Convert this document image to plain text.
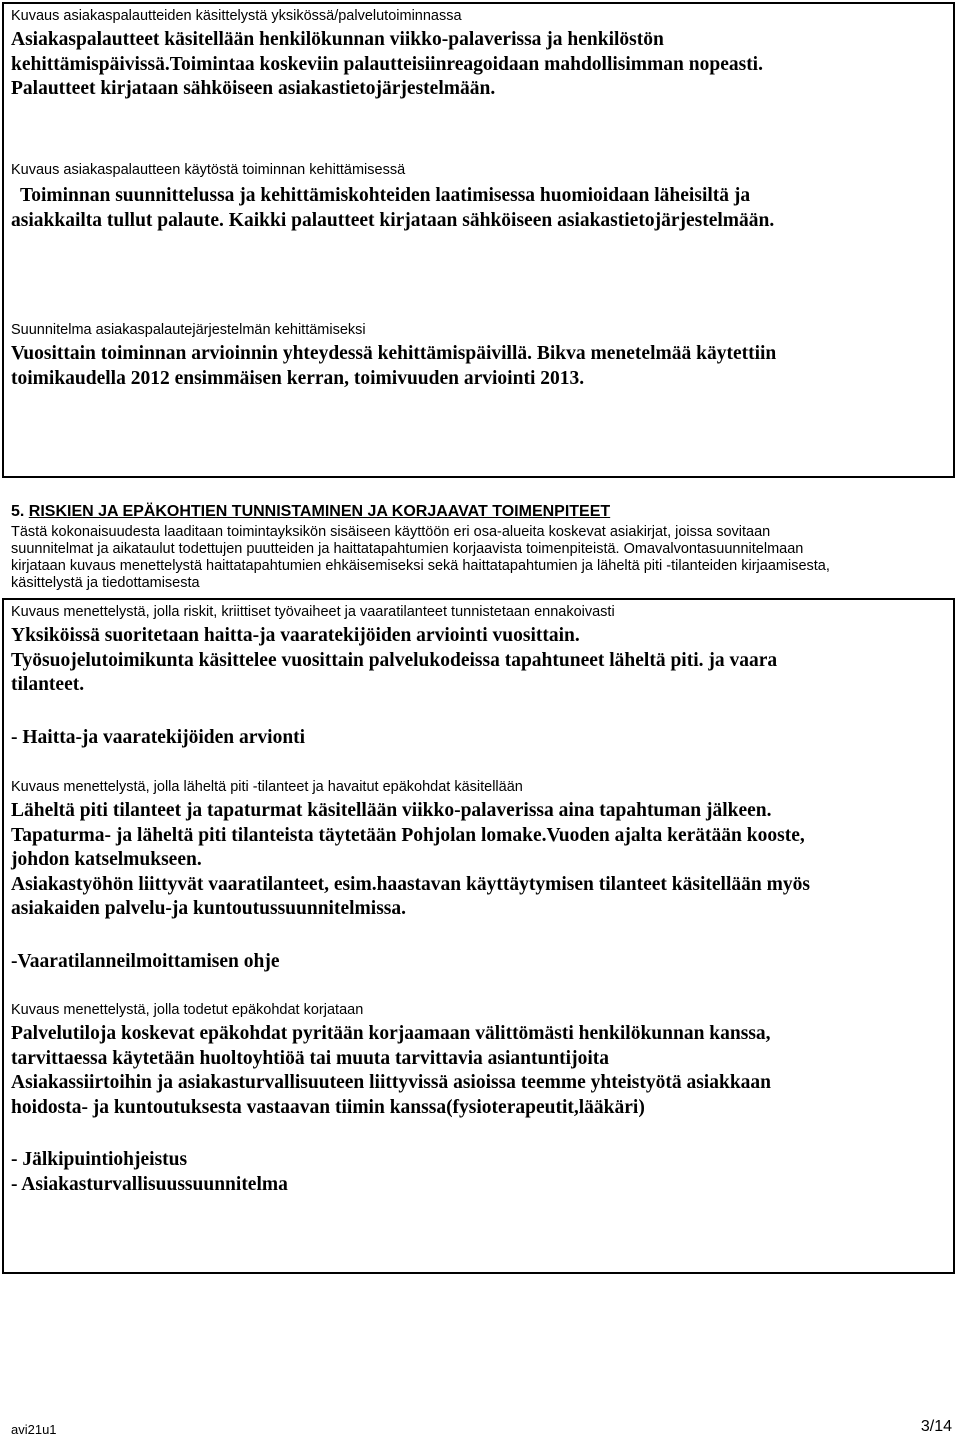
Kuvaus asiakaspalautteiden käsittelystä yksikössä/palvelutoiminnassa

Asiakaspalautteet käsitellään henkilökunnan viikko-palaverissa ja henkilöstön

kehittämispäivissä.Toimintaa koskeviin palautteisiinreagoidaan mahdollisimman nopeasti.

Palautteet kirjataan sähköiseen asiakastietojärjestelmään.

Kuvaus asiakaspalautteen käytöstä toiminnan kehittämisessä

Toiminnan suunnittelussa ja kehittämiskohteiden laatimisessa huomioidaan läheisiltä ja

asiakkailta tullut palaute. Kaikki palautteet kirjataan sähköiseen asiakastietojärjestelmään.

Suunnitelma asiakaspalautejärjestelmän kehittämiseksi

Vuosittain toiminnan arvioinnin yhteydessä kehittämispäivillä. Bikva menetelmää käytettiin

toimikaudella 2012 ensimmäisen kerran, toimivuuden arviointi 2013.

5. RISKIEN JA EPÄKOHTIEN TUNNISTAMINEN JA KORJAAVAT TOIMENPITEET

Tästä kokonaisuudesta laaditaan toimintayksikön sisäiseen käyttöön eri osa-alueita koskevat asiakirjat, joissa sovitaan

suunnitelmat ja aikataulut todettujen puutteiden ja haittatapahtumien korjaavista toimenpiteistä. Omavalvontasuunnitelmaan

kirjataan kuvaus menettelystä haittatapahtumien ehkäisemiseksi sekä haittatapahtumien ja läheltä piti -tilanteiden kirjaamisesta,

käsittelystä ja tiedottamisesta

Kuvaus menettelystä, jolla riskit, kriittiset työvaiheet ja vaaratilanteet tunnistetaan ennakoivasti

Yksiköissä suoritetaan haitta-ja vaaratekijöiden arviointi vuosittain.

Työsuojelutoimikunta käsittelee vuosittain palvelukodeissa tapahtuneet läheltä piti. ja vaara

tilanteet.

- Haitta-ja vaaratekijöiden arvionti
Kuvaus menettelystä, jolla läheltä piti -tilanteet ja havaitut epäkohdat käsitellään

Läheltä piti tilanteet ja tapaturmat käsitellään viikko-palaverissa aina tapahtuman jälkeen.

Tapaturma- ja läheltä piti tilanteista täytetään Pohjolan lomake.Vuoden ajalta kerätään kooste,

johdon katselmukseen.

Asiakastyöhön liittyvät vaaratilanteet, esim.haastavan käyttäytymisen tilanteet käsitellään myös

asiakaiden palvelu-ja kuntoutussuunnitelmissa.

-Vaaratilanneilmoittamisen ohje
Kuvaus menettelystä, jolla todetut epäkohdat korjataan

Palvelutiloja koskevat epäkohdat pyritään korjaamaan välittömästi henkilökunnan kanssa,

tarvittaessa käytetään huoltoyhtiöä tai muuta tarvittavia asiantuntijoita

Asiakassiirtoihin ja asiakasturvallisuuteen liittyvissä asioissa teemme yhteistyötä asiakkaan

hoidosta- ja kuntoutuksesta vastaavan tiimin kanssa(fysioterapeutit,lääkäri)

- Jälkipuintiohjeistus

- Asiakasturvallisuussuunnitelma

avi21u1	3/14
